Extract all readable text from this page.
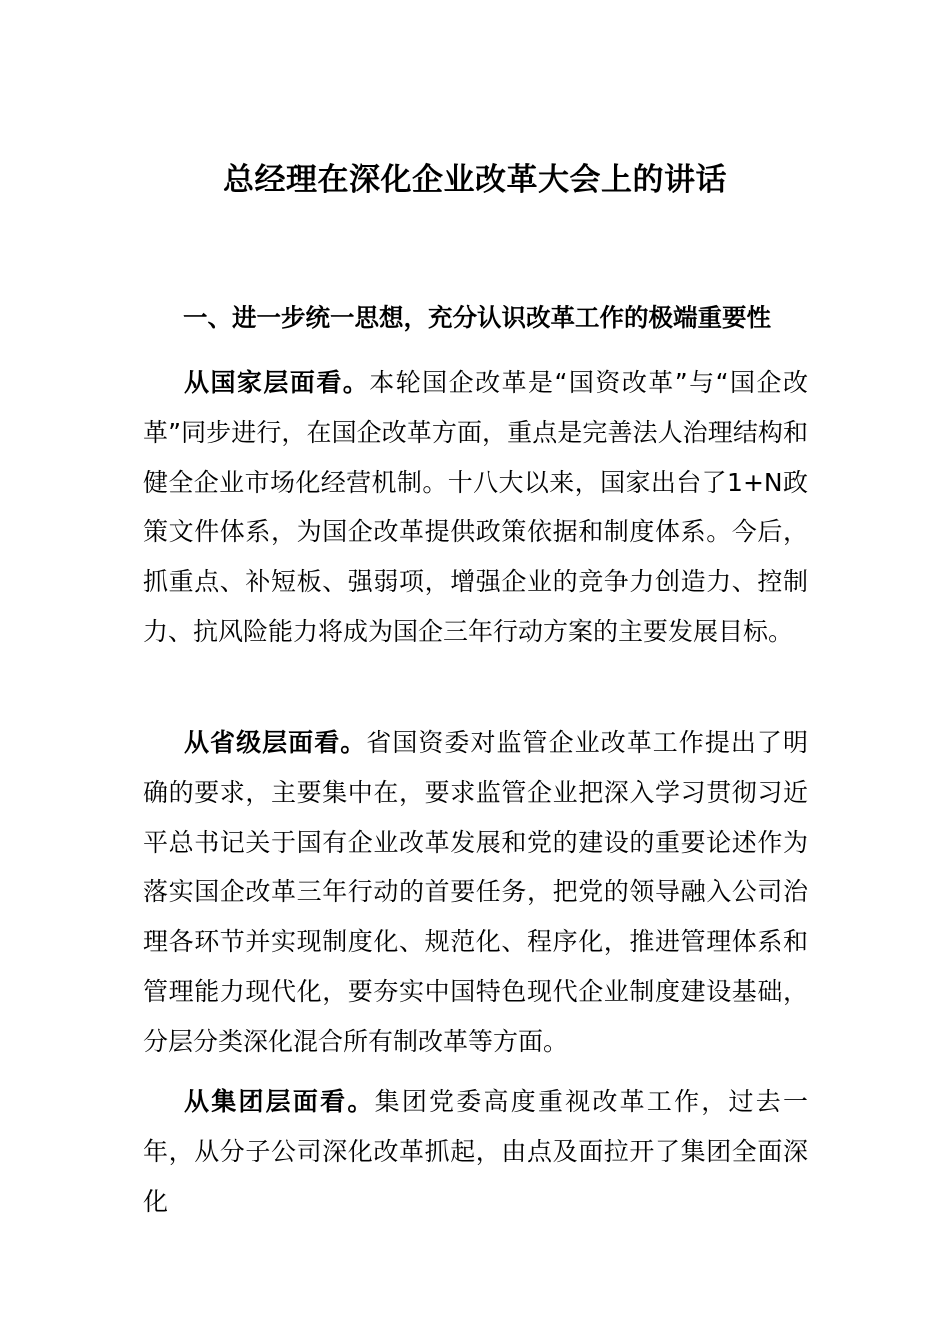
总经理在深化企业改革大会上的讲话
一、进一步统一思想，充分认识改革工作的极端重要性

从国家层面看。本轮国企改革是“国资改革”与“国企改革”同步进行，在国企改革方面，重点是完善法人治理结构和健全企业市场化经营机制。十八大以来，国家出台了1+N政策文件体系，为国企改革提供政策依据和制度体系。今后，抓重点、补短板、强弱项，增强企业的竞争力创造力、控制力、抗风险能力将成为国企三年行动方案的主要发展目标。

从省级层面看。省国资委对监管企业改革工作提出了明确的要求，主要集中在，要求监管企业把深入学习贯彻习近平总书记关于国有企业改革发展和党的建设的重要论述作为落实国企改革三年行动的首要任务，把党的领导融入公司治理各环节并实现制度化、规范化、程序化，推进管理体系和管理能力现代化，要夯实中国特色现代企业制度建设基础，分层分类深化混合所有制改革等方面。

从集团层面看。集团党委高度重视改革工作，过去一年，从分子公司深化改革抓起，由点及面拉开了集团全面深化
